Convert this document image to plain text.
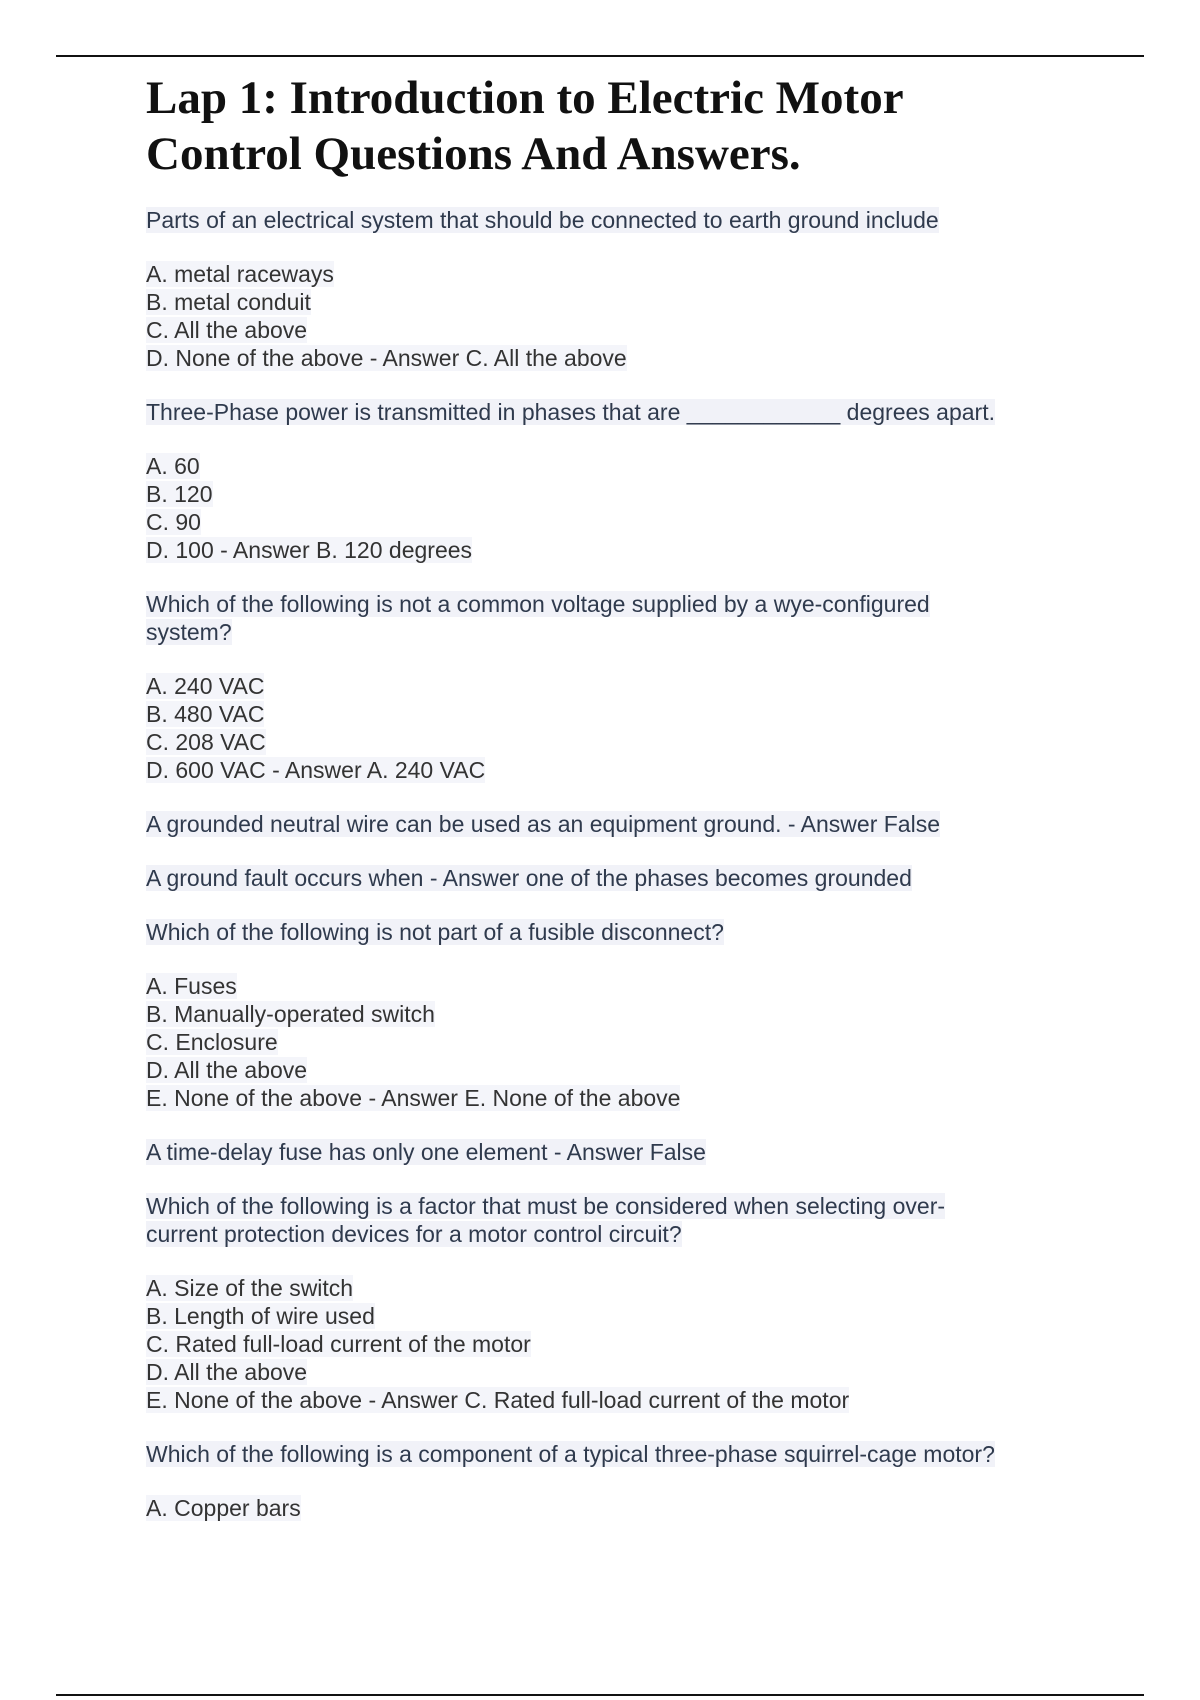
Lap 1: Introduction to Electric Motor
Control Questions And Answers.
Parts of an electrical system that should be connected to earth ground include
A. metal raceways
B. metal conduit
C. All the above
D. None of the above - Answer C. All the above
Three-Phase power is transmitted in phases that are ____________ degrees apart.
A. 60
B. 120
C. 90
D. 100 - Answer B. 120 degrees
Which of the following is not a common voltage supplied by a wye-configured
system?
A. 240 VAC
B. 480 VAC
C. 208 VAC
D. 600 VAC - Answer A. 240 VAC
A grounded neutral wire can be used as an equipment ground. - Answer False
A ground fault occurs when - Answer one of the phases becomes grounded
Which of the following is not part of a fusible disconnect?
A. Fuses
B. Manually-operated switch
C. Enclosure
D. All the above
E. None of the above - Answer E. None of the above
A time-delay fuse has only one element - Answer False
Which of the following is a factor that must be considered when selecting over-
current protection devices for a motor control circuit?
A. Size of the switch
B. Length of wire used
C. Rated full-load current of the motor
D. All the above
E. None of the above - Answer C. Rated full-load current of the motor
Which of the following is a component of a typical three-phase squirrel-cage motor?
A. Copper bars
